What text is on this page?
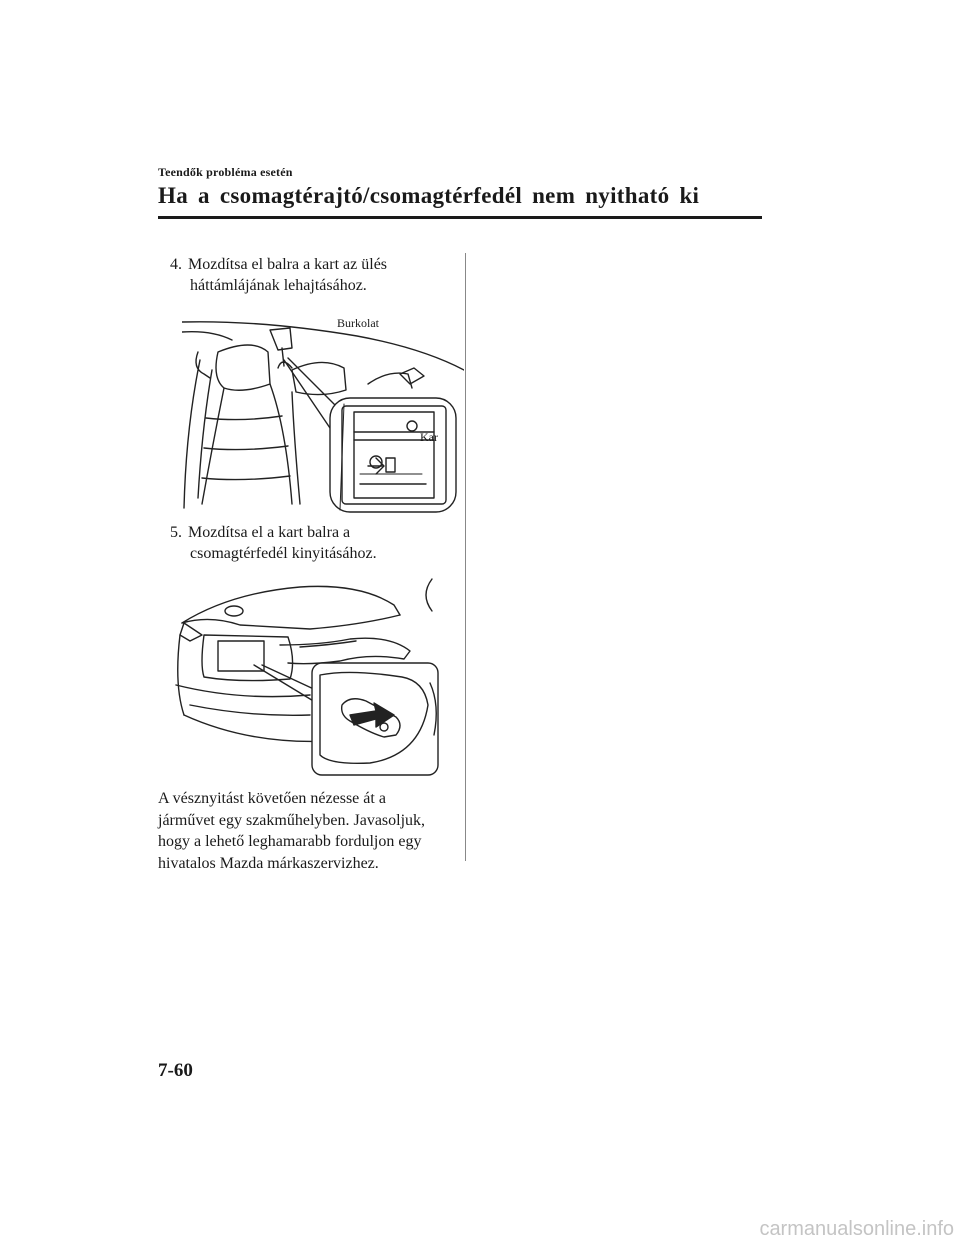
Teendők probléma esetén
Ha a csomagtérajtó/csomagtérfedél nem nyitható ki
4. Mozdítsa el balra a kart az ülés
háttámlájának lehajtásához.
Burkolat
Kar
5. Mozdítsa el a kart balra a
csomagtérfedél kinyitásához.
A vésznyitást követően nézesse át a
járművet egy szakműhelyben. Javasoljuk,
hogy a lehető leghamarabb forduljon egy
hivatalos Mazda márkaszervizhez.
7-60
carmanualsonline.info
